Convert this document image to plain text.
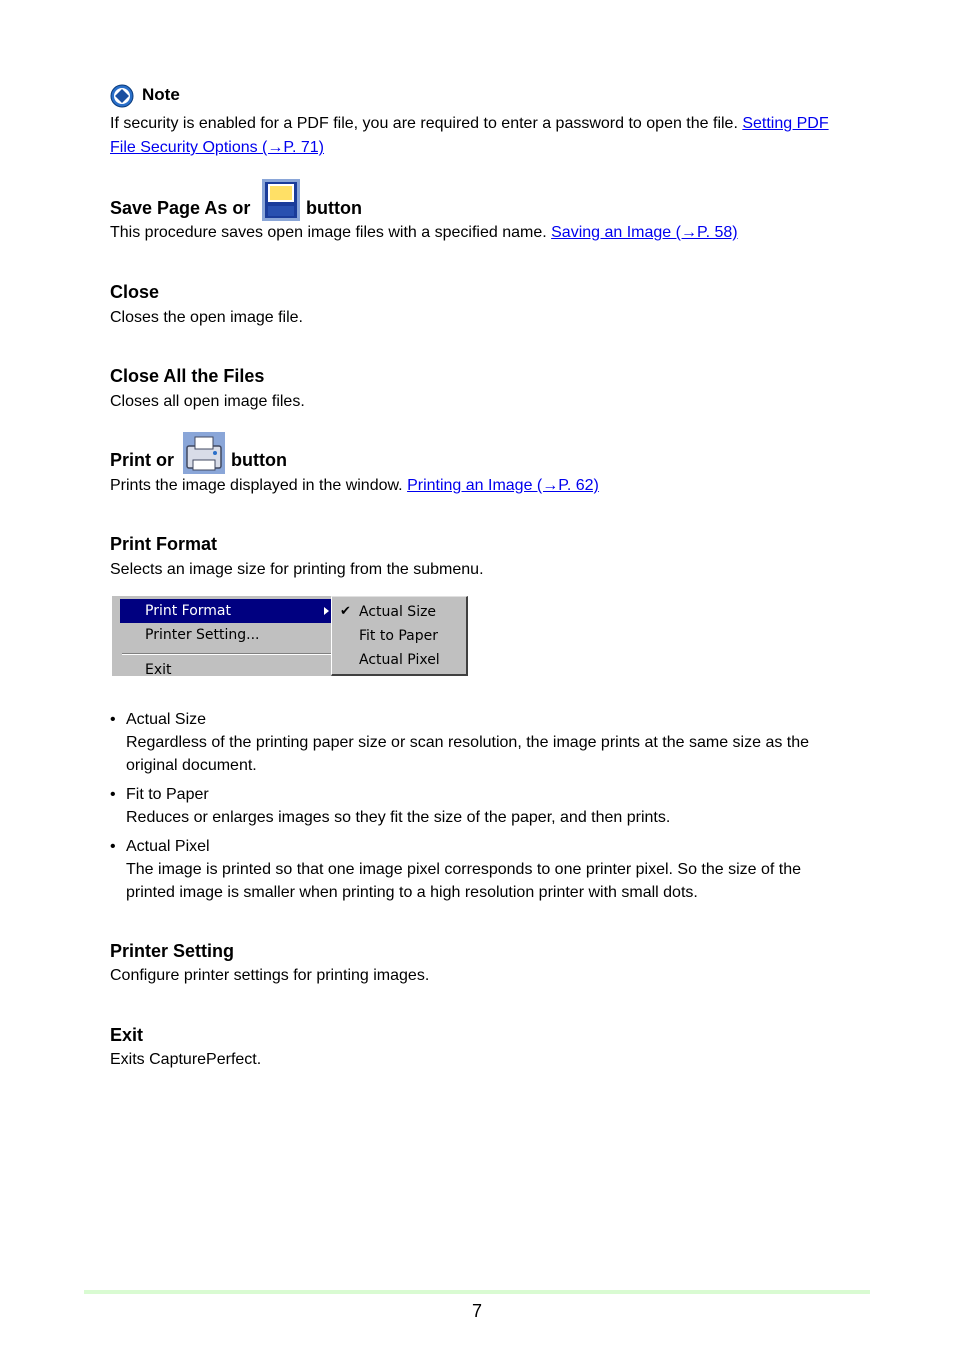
Note
If security is enabled for a PDF file, you are required to enter a password to open the file. Setting PDF
File Security Options (→P. 71)
Save Page As or	button
This procedure saves open image files with a specified name. Saving an Image (→P. 58)
Close
Closes the open image file.
Close All the Files
Closes all open image files.
Print or	button
Prints the image displayed in the window. Printing an Image (→P. 62)
Print Format
Selects an image size for printing from the submenu.
Print Format
Printer Setting...
Exit
✔ Actual Size
Fit to Paper
Actual Pixel
• Actual Size
Regardless of the printing paper size or scan resolution, the image prints at the same size as the original document.
• Fit to Paper
Reduces or enlarges images so they fit the size of the paper, and then prints.
• Actual Pixel
The image is printed so that one image pixel corresponds to one printer pixel. So the size of the printed image is smaller when printing to a high resolution printer with small dots.
Printer Setting
Configure printer settings for printing images.
Exit
Exits CapturePerfect.
7
